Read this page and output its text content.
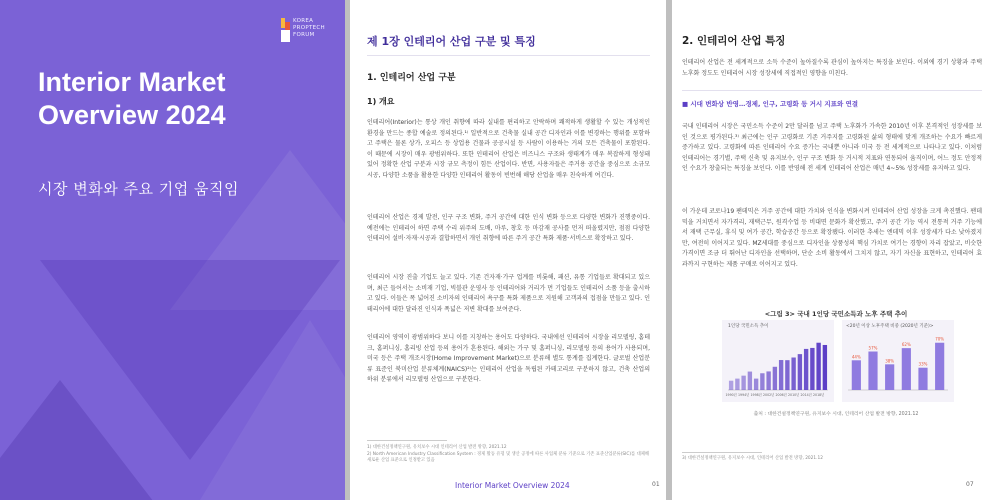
KOREA
PROPTECH
FORUM
Interior Market Overview 2024
시장 변화와 주요 기업 움직임
제 1장 인테리어 산업 구분 및 특징
1. 인테리어 산업 구분
1) 개요

인테리어(Interior)는 통상 개인 취향에 따라 실내를 편리하고 안락하며 쾌적하게 생활할 수 있는 개성적인 환경을 만드는 종합 예술로 정의된다.¹⁾ 일반적으로 건축물 실내 공간 디자인과 이를 변경하는 행위를 포함하고 주택은 물론 상가, 오피스 등 상업용 건물과 공공시설 등 사람이 이용하는 거의 모든 건축물이 포함된다. 이 때문에 시장이 매우 광범위하다. 또한 인테리어 산업은 비즈니스 구조와 생태계가 매우 복잡하게 형성돼 있어 정확한 산업 구분과 시장 규모 측정이 힘든 산업이다. 반면, 사용자들은 주거용 공간을 중심으로 소규모 시공, 다양한 소품을 활용한 다양한 인테리어 활동이 빈번해 해당 산업을 매우 친숙하게 여긴다.

인테리어 산업은 경제 발전, 인구 구조 변화, 주거 공간에 대한 인식 변화 등으로 다양한 변화가 진행중이다. 예전에는 인테리어 하면 주택 수리 위주의 도배, 마루, 창호 등 마감재 공사를 먼저 떠올렸지만, 점점 다양한 인테리어 설비·자재·시공과 결합하면서 개인 취향에 따른 주거 공간 특화 제품·서비스로 확장하고 있다.

인테리어 시장 진출 기업도 늘고 있다. 기존 건자재·가구 업계를 비롯해, 패션, 유통 기업들로 확대되고 있으며, 최근 들어서는 소비재 기업, 빅블관 운영사 등 인테리어와 거리가 먼 기업들도 인테리어 소품 등을 출시하고 있다. 이들은 폭 넓어진 소비자의 인테리어 욕구를 특화 제품으로 지원해 고객과의 접점을 만들고 있다. 인테리어에 대한 달라진 인식과 폭넓은 저변 확대를 보여준다.

인테리어 영역이 광범위하다 보니 이를 지칭하는 용어도 다양하다. 국내에선 인테리어 시장을 리모델링, 홈테크, 홈퍼니싱, 홈리빙 산업 등의 용어가 혼용된다. 해외는 가구 및 홈퍼니싱, 리모델링 등의 용어가 사용되며, 미국 등은 주택 개조시장(Home Improvement Market)으로 분류해 별도 통계를 집계한다. 글로벌 산업분류 표준인 북미산업 분류체계(NAICS)²⁾는 인테리어 산업을 독립된 카테고리로 구분하지 않고, 건축 산업의 하위 분류에서 리모델링 산업으로 구분한다.

1) 대한건설정책연구원, 유치보수 시대 인테리어 산업 발전 방향, 2021.12

2) North American Industry Classification System : 경제 활동 유형 및 생산 공정에 따른 사업체 분류 기준으로 기존 표준산업분류(SIC)를 대체해 새로운 산업 표준으로 인정받고 있음

Interior Market Overview 2024	01
2. 인테리어 산업 특징

인테리어 산업은 전 세계적으로 소득 수준이 높아질수록 관심이 높아지는 특징을 보인다. 이외에 경기 상황과 주택 노후화 정도도 인테리어 시장 성장세에 직접적인 영향을 미친다.

■ 시대 변화상 반영…경제, 인구, 고령화 등 거시 지표와 연결

국내 인테리어 시장은 국민소득 수준이 2만 달러를 넘고 주택 노후화가 가속한 2010년 이후 본격적인 성장세를 보인 것으로 평가된다.³⁾ 최근에는 인구 고령화로 기존 거주지를 고령화된 삶의 형태에 맞게 개조하는 수요가 빠르게 증가하고 있다. 고령화에 따른 인테리어 수요 증가는 국내뿐 아니라 미국 등 전 세계적으로 나타나고 있다. 이처럼 인테리어는 경기별, 주택 신축 및 유지보수, 인구 구조 변화 등 거시적 지표와 연동되어 움직이며, 어느 정도 안정적인 수요가 창출되는 특징을 보인다. 이를 반영해 전 세계 인테리어 산업은 매년 4~5% 성장세를 유지하고 있다.

이 가운데 코로나19 팬데믹은 거주 공간에 대한 가치와 인식을 변화시켜 인테리어 산업 성장을 크게 촉진했다. 팬데믹을 거치면서 자가격리, 재택근무, 원격수업 등 비대면 문화가 확산했고, 주거 공간 기능 역시 전통적 거주 기능에서 재택 근무실, 휴식 및 여가 공간, 학습공간 등으로 확장됐다. 이러한 추세는 엔데믹 이후 성장세가 다소 낮아졌지만, 여전히 이어지고 있다. MZ세대를 중심으로 디자인을 상품성의 핵심 가치로 여기는 경향이 자리 잡았고, 비슷한 가격이면 조금 더 뛰어난 디자인을 선택하며, 단순 소비 활동에서 그치지 않고, 자기 자신을 표현하고, 인테리어 효과까지 구현하는 제품 구매로 이어지고 있다.

<그림 3> 국내 1인당 국민소득과 노후 주택 추이
1인당 국민소득 추이
1990년 1994년 1998년 2002년 2006년 2010년 2014년 2018년
<20년 이상 노후주택 비중 (2020년 기준)>
44%
57%
38%
62%
33%
70%
출처 : 대한건설정책연구원, 유지보수 시대, 인테리어 산업 발전 방향, 2021.12

3) 대한건설정책연구원, 유지보수 시대, 인테리어 산업 발전 방향, 2021.12

07
